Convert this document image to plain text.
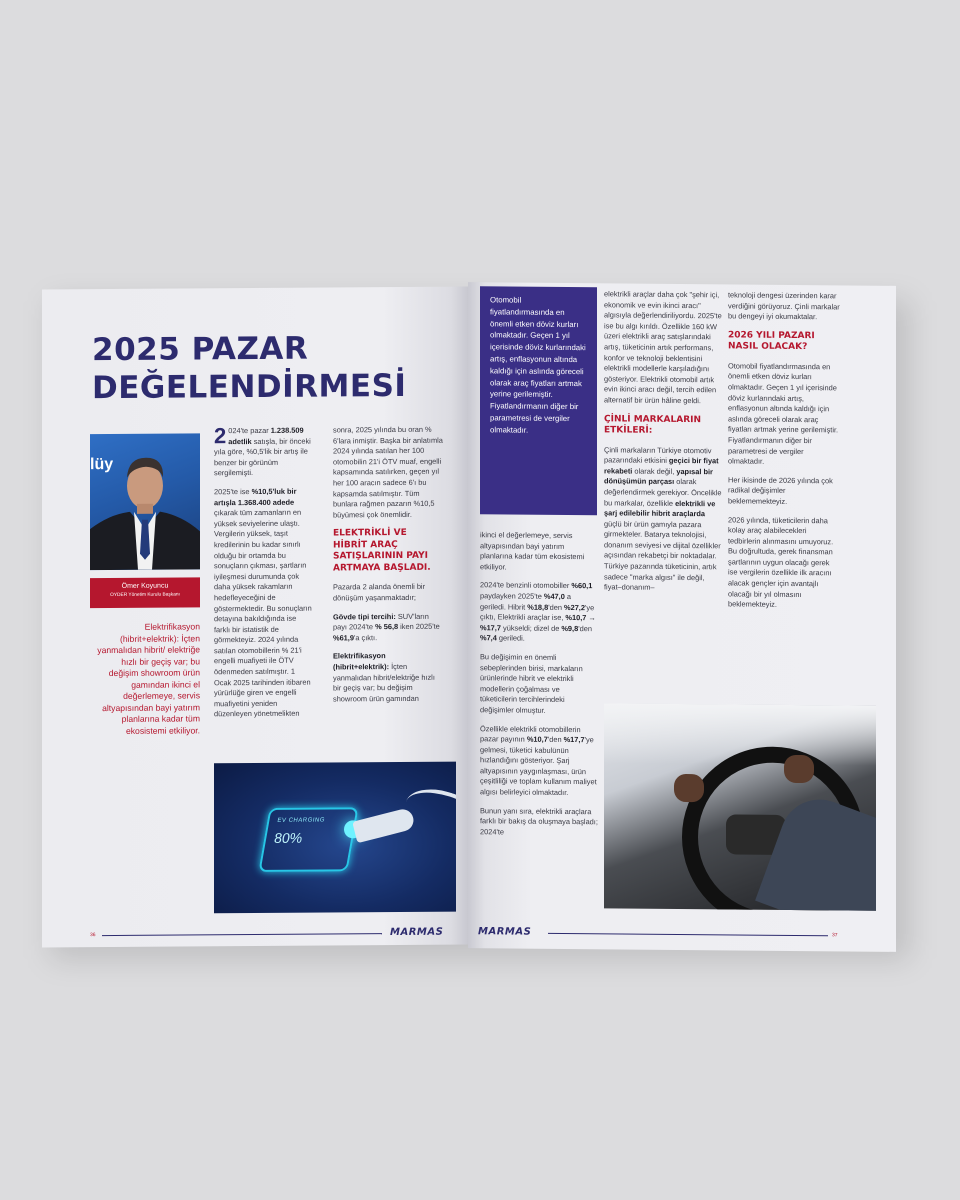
2025 PAZAR
DEĞELENDİRMESİ
lüy
Ömer Koyuncu
OYDER Yönetim Kurulu Başkanı
Elektrifikasyon (hibrit+elektrik): İçten yanmalıdan hibrit/ elektriğe hızlı bir geçiş var; bu değişim showroom ürün gamından ikinci el değerlemeye, servis altyapısından bayi yatırım planlarına kadar tüm ekosistemi etkiliyor.

2 024'te pazar 1.238.509 adetlik satışla, bir önceki yıla göre, %0,5'lik bir artış ile benzer bir görünüm sergilemişti.

2025'te ise %10,5'luk bir artışla 1.368.400 adede çıkarak tüm zamanların en yüksek seviyelerine ulaştı. Vergilerin yüksek, taşıt kredilerinin bu kadar sınırlı olduğu bir ortamda bu sonuçların çıkması, şartların iyileşmesi durumunda çok daha yüksek rakamların hedefleyeceğini de göstermektedir. Bu sonuçların detayına bakıldığında ise farklı bir istatistik de görmekteyiz. 2024 yılında satılan otomobillerin % 21'i engelli muafiyeti ile ÖTV ödenmeden satılmıştır. 1 Ocak 2025 tarihinden itibaren yürürlüğe giren ve engelli muafiyetini yeniden düzenleyen yönetmelikten

sonra, 2025 yılında bu oran % 6'lara inmiştir. Başka bir anlatımla 2024 yılında satılan her 100 otomobilin 21'i ÖTV muaf, engelli kapsamında satılırken, geçen yıl her 100 aracın sadece 6'ı bu kapsamda satılmıştır. Tüm bunlara rağmen pazarın %10,5 büyümesi çok önemlidir.

ELEKTRİKLİ VE HİBRİT ARAÇ SATIŞLARININ PAYI ARTMAYA BAŞLADI.

Pazarda 2 alanda önemli bir dönüşüm yaşanmaktadır;

Gövde tipi tercihi: SUV'ların payı 2024'te % 56,8 iken 2025'te %61,9'a çıktı.

Elektrifikasyon (hibrit+elektrik): İçten yanmalıdan hibrit/elektriğe hızlı bir geçiş var; bu değişim showroom ürün gamından

EV CHARGING
80%
36	MARMAS
Otomobil fiyatlandırmasında en önemli etken döviz kurları olmaktadır. Geçen 1 yıl içerisinde döviz kurlarındaki artış, enflasyonun altında kaldığı için aslında göreceli olarak araç fiyatları artmak yerine gerilemiştir. Fiyatlandırmanın diğer bir parametresi de vergiler olmaktadır.

ikinci el değerlemeye, servis altyapısından bayi yatırım planlarına kadar tüm ekosistemi etkiliyor.

2024'te benzinli otomobiller %60,1 paydayken 2025'te %47,0 a geriledi. Hibrit %18,8'den %27,2'ye çıktı, Elektrikli araçlar ise, %10,7 → %17,7 yükseldi; dizel de %9,8'den %7,4 geriledi.

Bu değişimin en önemli sebeplerinden birisi, markaların ürünlerinde hibrit ve elektrikli modellerin çoğalması ve tüketicilerin tercihlerindeki değişimler olmuştur.

Özellikle elektrikli otomobillerin pazar payının %10,7'den %17,7'ye gelmesi, tüketici kabulünün hızlandığını gösteriyor. Şarj altyapısının yaygınlaşması, ürün çeşitliliği ve toplam kullanım maliyet algısı belirleyici olmaktadır.

Bunun yanı sıra, elektrikli araçlara farklı bir bakış da oluşmaya başladı; 2024'te

elektrikli araçlar daha çok "şehir içi, ekonomik ve evin ikinci aracı" algısıyla değerlendiriliyordu. 2025'te ise bu algı kırıldı. Özellikle 160 kW üzeri elektrikli araç satışlarındaki artış, tüketicinin artık performans, konfor ve teknoloji beklentisini elektrikli modellerle karşıladığını gösteriyor. Elektrikli otomobil artık evin ikinci aracı değil, tercih edilen alternatif bir ürün hâline geldi.

ÇİNLİ MARKALARIN ETKİLERİ:

Çinli markaların Türkiye otomotiv pazarındaki etkisini geçici bir fiyat rekabeti olarak değil, yapısal bir dönüşümün parçası olarak değerlendirmek gerekiyor. Öncelikle bu markalar, özellikle elektrikli ve şarj edilebilir hibrit araçlarda güçlü bir ürün gamıyla pazara girmekteler. Batarya teknolojisi, donanım seviyesi ve dijital özellikler açısından rekabetçi bir noktadalar. Türkiye pazarında tüketicinin, artık sadece "marka algısı" ile değil, fiyat–donanım–

teknoloji dengesi üzerinden karar verdiğini görüyoruz. Çinli markalar bu dengeyi iyi okumaktalar.

2026 YILI PAZARI NASIL OLACAK?

Otomobil fiyatlandırmasında en önemli etken döviz kurları olmaktadır. Geçen 1 yıl içerisinde döviz kurlarındaki artış, enflasyonun altında kaldığı için aslında göreceli olarak araç fiyatları artmak yerine gerilemiştir. Fiyatlandırmanın diğer bir parametresi de vergiler olmaktadır.

Her ikisinde de 2026 yılında çok radikal değişimler beklememekteyiz.

2026 yılında, tüketicilerin daha kolay araç alabilecekleri tedbirlerin alınmasını umuyoruz. Bu doğrultuda, gerek finansman şartlarının uygun olacağı gerek ise vergilerin özellikle ilk aracını alacak gençler için avantajlı olacağı bir yıl olmasını beklemekteyiz.

MARMAS	37
